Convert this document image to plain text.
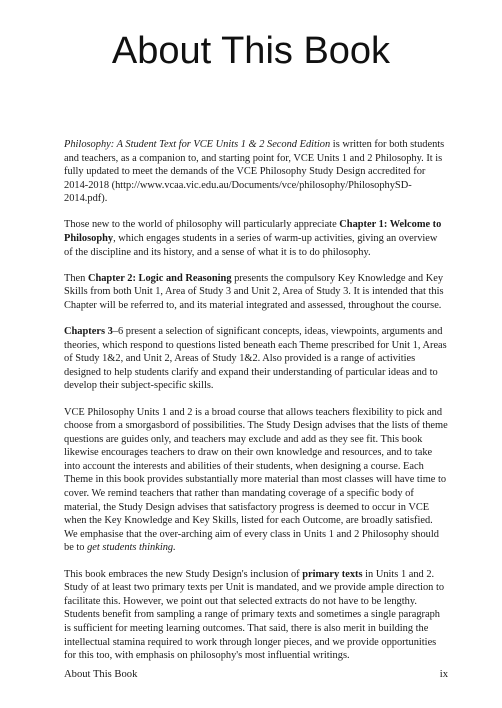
About This Book

Philosophy: A Student Text for VCE Units 1 & 2 Second Edition is written for both students and teachers, as a companion to, and starting point for, VCE Units 1 and 2 Philosophy. It is fully updated to meet the demands of the VCE Philosophy Study Design accredited for 2014-2018 (http://www.vcaa.vic.edu.au/Documents/vce/philosophy/PhilosophySD-2014.pdf).

Those new to the world of philosophy will particularly appreciate Chapter 1: Welcome to Philosophy, which engages students in a series of warm-up activities, giving an overview of the discipline and its history, and a sense of what it is to do philosophy.

Then Chapter 2: Logic and Reasoning presents the compulsory Key Knowledge and Key Skills from both Unit 1, Area of Study 3 and Unit 2, Area of Study 3. It is intended that this Chapter will be referred to, and its material integrated and assessed, throughout the course.

Chapters 3–6 present a selection of significant concepts, ideas, viewpoints, arguments and theories, which respond to questions listed beneath each Theme prescribed for Unit 1, Areas of Study 1&2, and Unit 2, Areas of Study 1&2. Also provided is a range of activities designed to help students clarify and expand their understanding of particular ideas and to develop their subject-specific skills.

VCE Philosophy Units 1 and 2 is a broad course that allows teachers flexibility to pick and choose from a smorgasbord of possibilities. The Study Design advises that the lists of theme questions are guides only, and teachers may exclude and add as they see fit. This book likewise encourages teachers to draw on their own knowledge and resources, and to take into account the interests and abilities of their students, when designing a course. Each Theme in this book provides substantially more material than most classes will have time to cover. We remind teachers that rather than mandating coverage of a specific body of material, the Study Design advises that satisfactory progress is deemed to occur in VCE when the Key Knowledge and Key Skills, listed for each Outcome, are broadly satisfied. We emphasise that the over-arching aim of every class in Units 1 and 2 Philosophy should be to get students thinking.

This book embraces the new Study Design's inclusion of primary texts in Units 1 and 2. Study of at least two primary texts per Unit is mandated, and we provide ample direction to facilitate this. However, we point out that selected extracts do not have to be lengthy. Students benefit from sampling a range of primary texts and sometimes a single paragraph is sufficient for meeting learning outcomes. That said, there is also merit in building the intellectual stamina required to work through longer pieces, and we provide opportunities for this too, with emphasis on philosophy's most influential writings.

About This Book	ix
